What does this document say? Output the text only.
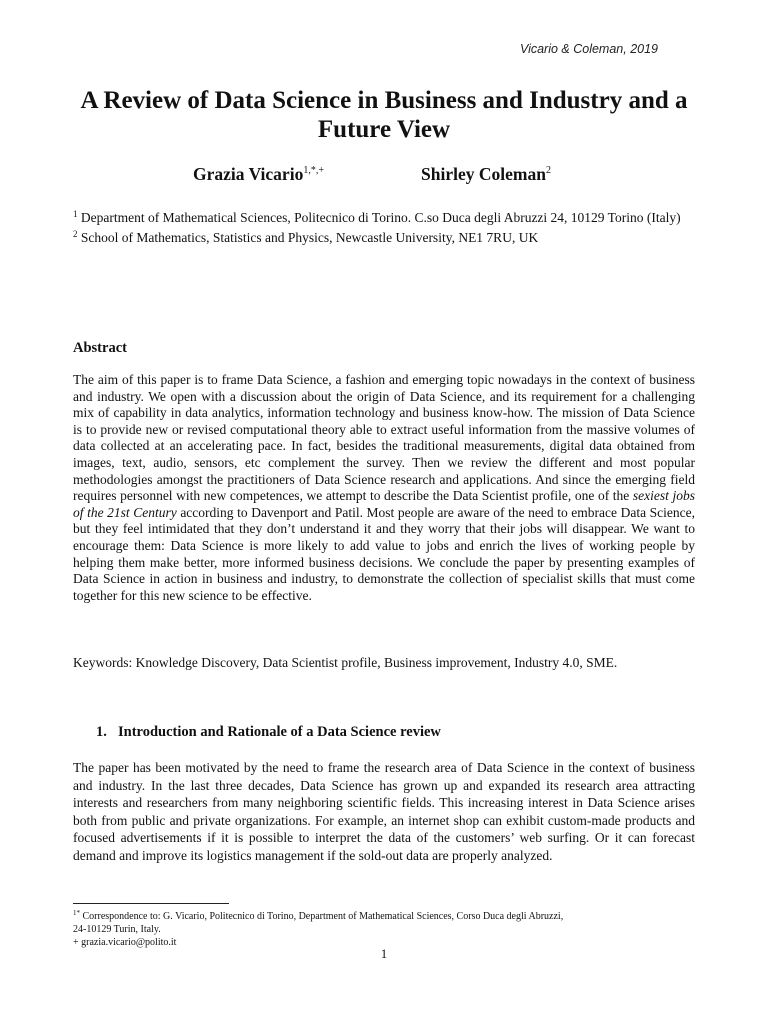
Vicario & Coleman, 2019
A Review of Data Science in Business and Industry and a Future View
Grazia Vicario$^{1,*,+}$	Shirley Coleman$^2$

$^1$ Department of Mathematical Sciences, Politecnico di Torino. C.so Duca degli Abruzzi 24, 10129 Torino (Italy)

$^2$ School of Mathematics, Statistics and Physics, Newcastle University, NE1 7RU, UK

Abstract

The aim of this paper is to frame Data Science, a fashion and emerging topic nowadays in the context of business and industry. We open with a discussion about the origin of Data Science, and its requirement for a challenging mix of capability in data analytics, information technology and business know-how. The mission of Data Science is to provide new or revised computational theory able to extract useful information from the massive volumes of data collected at an accelerating pace. In fact, besides the traditional measurements, digital data obtained from images, text, audio, sensors, etc complement the survey. Then we review the different and most popular methodologies amongst the practitioners of Data Science research and applications. And since the emerging field requires personnel with new competences, we attempt to describe the Data Scientist profile, one of the sexiest jobs of the 21st Century according to Davenport and Patil. Most people are aware of the need to embrace Data Science, but they feel intimidated that they don’t understand it and they worry that their jobs will disappear. We want to encourage them: Data Science is more likely to add value to jobs and enrich the lives of working people by helping them make better, more informed business decisions. We conclude the paper by presenting examples of Data Science in action in business and industry, to demonstrate the collection of specialist skills that must come together for this new science to be effective.

Keywords: Knowledge Discovery, Data Scientist profile, Business improvement, Industry 4.0, SME.

1. Introduction and Rationale of a Data Science review

The paper has been motivated by the need to frame the research area of Data Science in the context of business and industry. In the last three decades, Data Science has grown up and expanded its research area attracting interests and researchers from many neighboring scientific fields. This increasing interest in Data Science arises both from public and private organizations. For example, an internet shop can exhibit custom-made products and focused advertisements if it is possible to interpret the data of the customers’ web surfing. Or it can forecast demand and improve its logistics management if the sold-out data are properly analyzed.

$^{1*}$ Correspondence to: G. Vicario, Politecnico di Torino, Department of Mathematical Sciences, Corso Duca degli Abruzzi,

24-10129 Turin, Italy.

+ grazia.vicario@polito.it

1
